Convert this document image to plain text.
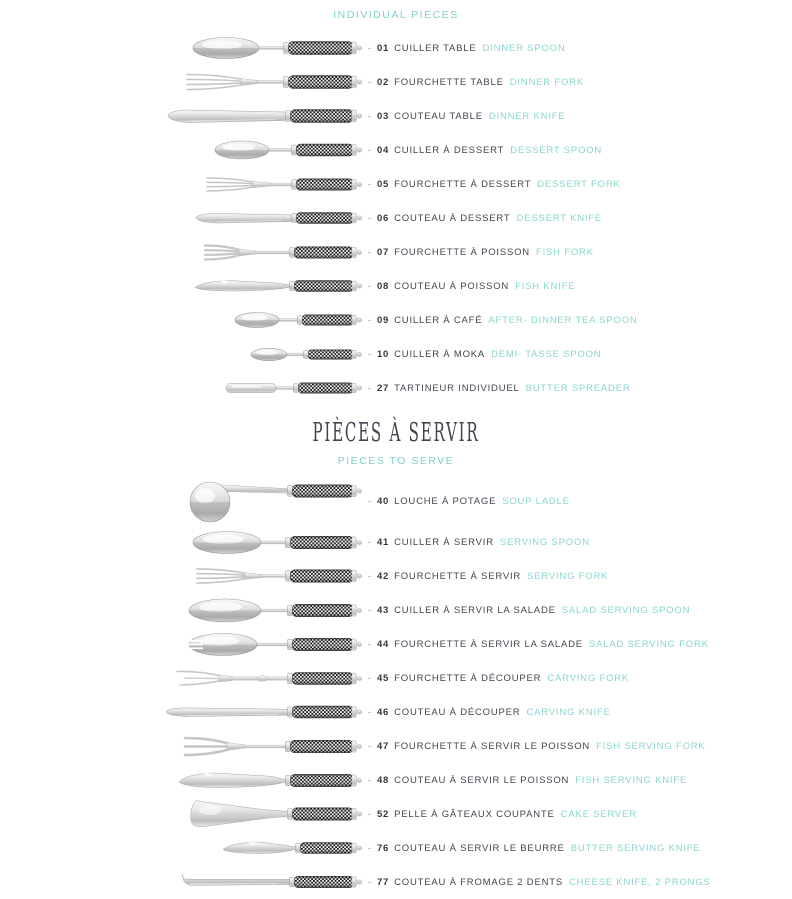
INDIVIDUAL PIECES
- 01 CUILLER TABLE DINNER SPOON
- 02 FOURCHETTE TABLE DINNER FORK
- 03 COUTEAU TABLE DINNER KNIFE
- 04 CUILLER À DESSERT DESSERT SPOON
- 05 FOURCHETTE À DESSERT DESSERT FORK
- 06 COUTEAU À DESSERT DESSERT KNIFE
- 07 FOURCHETTE À POISSON FISH FORK
- 08 COUTEAU À POISSON FISH KNIFE
- 09 CUILLER À CAFÉ AFTER- DINNER TEA SPOON
- 10 CUILLER À MOKA DEMI- TASSE SPOON
- 27 TARTINEUR INDIVIDUEL BUTTER SPREADER
PIÈCES À SERVIR
PIECES TO SERVE
- 40 LOUCHE À POTAGE SOUP LADLE
- 41 CUILLER À SERVIR SERVING SPOON
- 42 FOURCHETTE À SERVIR SERVING FORK
- 43 CUILLER À SERVIR LA SALADE SALAD SERVING SPOON
- 44 FOURCHETTE À SERVIR LA SALADE SALAD SERVING FORK
- 45 FOURCHETTE À DÉCOUPER CARVING FORK
- 46 COUTEAU À DÉCOUPER CARVING KNIFE
- 47 FOURCHETTE À SERVIR LE POISSON FISH SERVING FORK
- 48 COUTEAU À SERVIR LE POISSON FISH SERVING KNIFE
- 52 PELLE À GÂTEAUX COUPANTE CAKE SERVER
- 76 COUTEAU À SERVIR LE BEURRE BUTTER SERVING KNIFE
- 77 COUTEAU À FROMAGE 2 DENTS CHEESE KNIFE, 2 PRONGS
